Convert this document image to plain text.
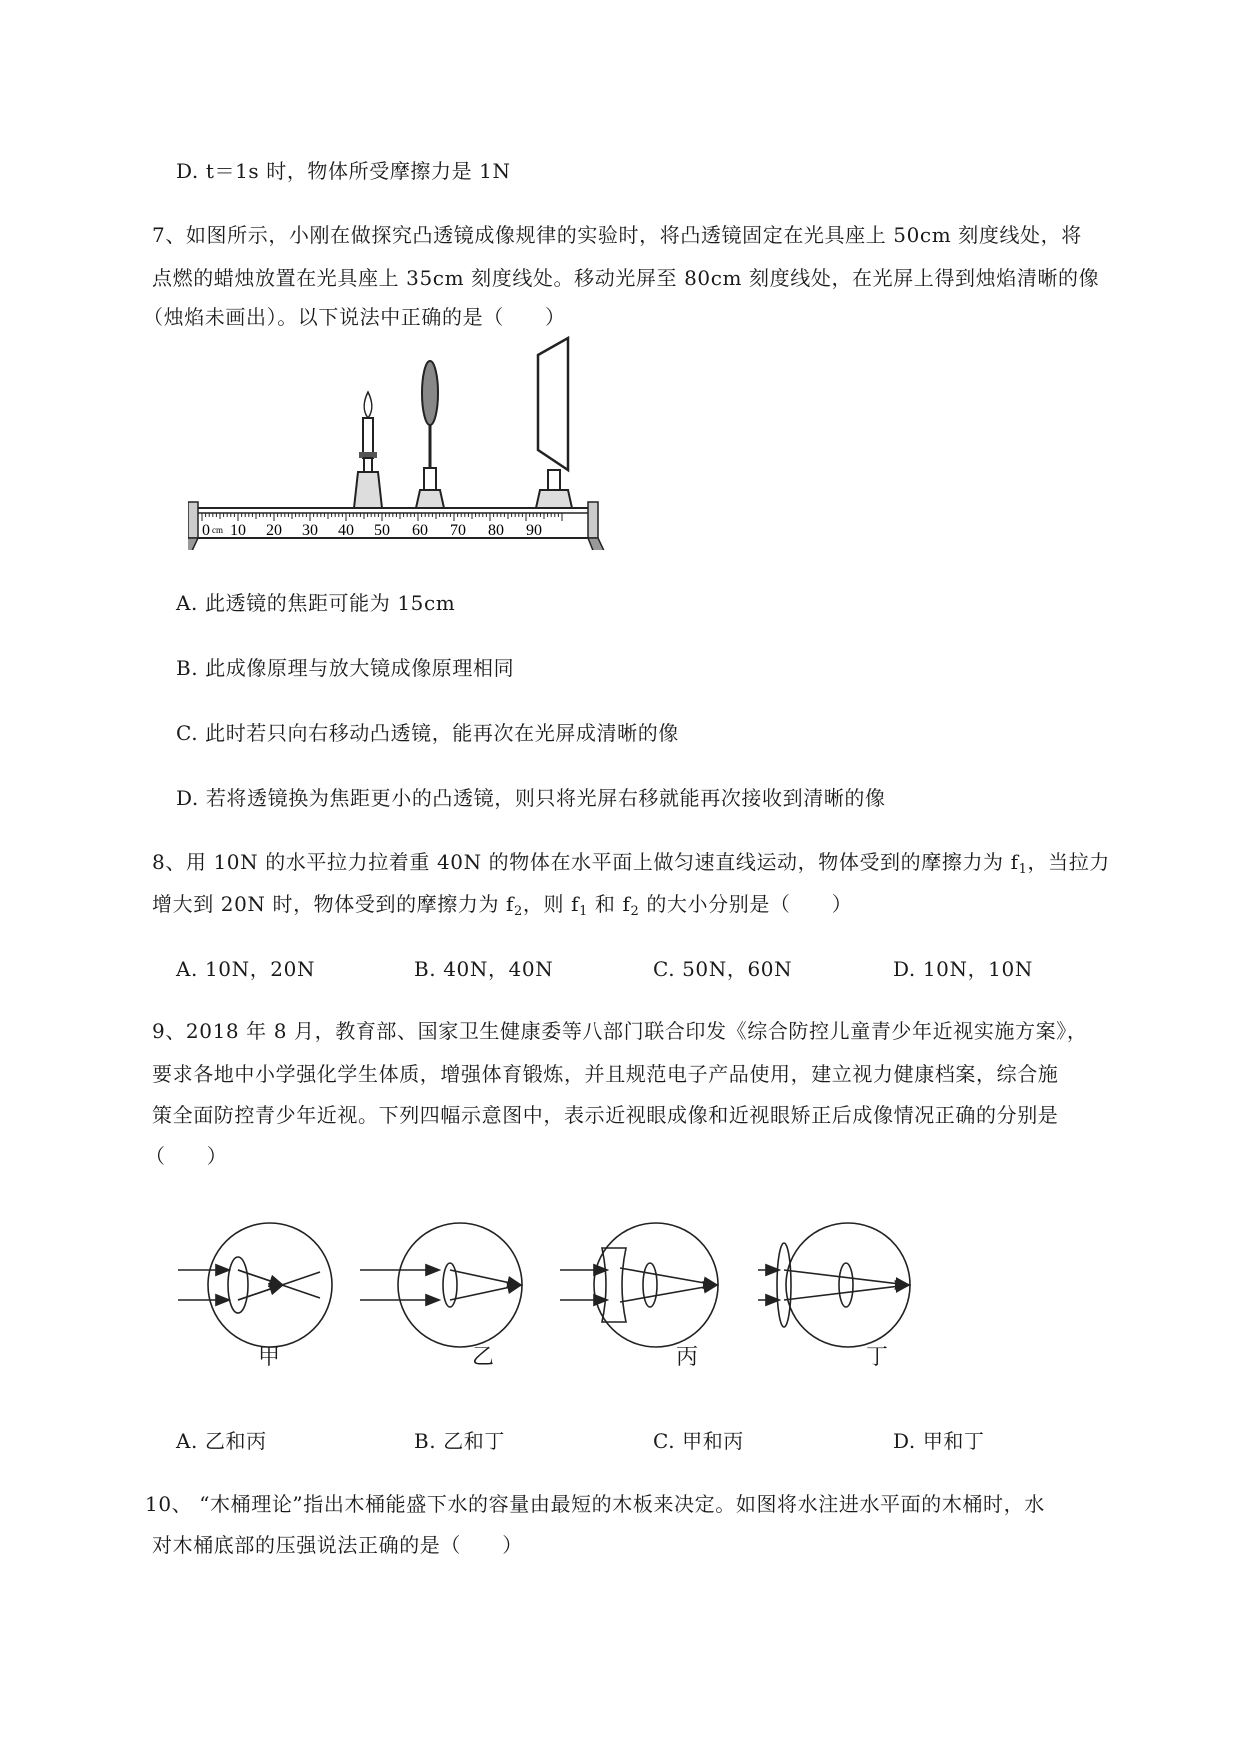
D. t＝1s 时，物体所受摩擦力是 1N
7、如图所示，小刚在做探究凸透镜成像规律的实验时，将凸透镜固定在光具座上 50cm 刻度线处，将
点燃的蜡烛放置在光具座上 35cm 刻度线处。移动光屏至 80cm 刻度线处，在光屏上得到烛焰清晰的像
（烛焰未画出）。以下说法中正确的是（　　）
0 cm 10 20 30 40 50 60 70 80 90
A. 此透镜的焦距可能为 15cm
B. 此成像原理与放大镜成像原理相同
C. 此时若只向右移动凸透镜，能再次在光屏成清晰的像
D. 若将透镜换为焦距更小的凸透镜，则只将光屏右移就能再次接收到清晰的像
8、用 10N 的水平拉力拉着重 40N 的物体在水平面上做匀速直线运动，物体受到的摩擦力为 $f_1$，当拉力
增大到 20N 时，物体受到的摩擦力为 $f_2$，则 $f_1$ 和 $f_2$ 的大小分别是（　　）
A. 10N，20N	B. 40N，40N	C. 50N，60N	D. 10N，10N
9、2018 年 8 月，教育部、国家卫生健康委等八部门联合印发《综合防控儿童青少年近视实施方案》，
要求各地中小学强化学生体质，增强体育锻炼，并且规范电子产品使用，建立视力健康档案，综合施
策全面防控青少年近视。下列四幅示意图中，表示近视眼成像和近视眼矫正后成像情况正确的分别是
（　　）
甲	乙	丙	丁
A. 乙和丙	B. 乙和丁	C. 甲和丙	D. 甲和丁
10、 “木桶理论”指出木桶能盛下水的容量由最短的木板来决定。如图将水注进水平面的木桶时，水
对木桶底部的压强说法正确的是（　　）
